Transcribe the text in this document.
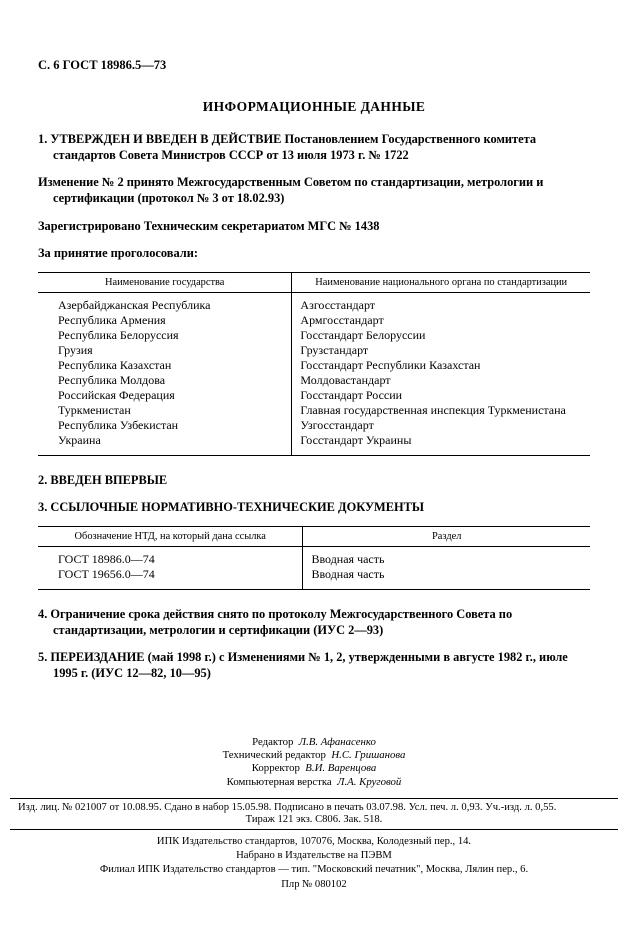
С. 6 ГОСТ 18986.5—73
ИНФОРМАЦИОННЫЕ ДАННЫЕ

1. УТВЕРЖДЕН И ВВЕДЕН В ДЕЙСТВИЕ Постановлением Государственного комитета стандартов Совета Министров СССР от 13 июля 1973 г. № 1722

Изменение № 2 принято Межгосударственным Советом по стандартизации, метрологии и сертификации (протокол № 3 от 18.02.93)

Зарегистрировано Техническим секретариатом МГС № 1438

За принятие проголосовали:

Наименование государства	Наименование национального органа по стандартизации
Азербайджанская Республика	Азгосстандарт
Республика Армения	Армгосстандарт
Республика Белоруссия	Госстандарт Белоруссии
Грузия	Грузстандарт
Республика Казахстан	Госстандарт Республики Казахстан
Республика Молдова	Молдовастандарт
Российская Федерация	Госстандарт России
Туркменистан	Главная государственная инспекция Туркменистана
Республика Узбекистан	Узгосстандарт
Украина	Госстандарт Украины

2. ВВЕДЕН ВПЕРВЫЕ

3. ССЫЛОЧНЫЕ НОРМАТИВНО-ТЕХНИЧЕСКИЕ ДОКУМЕНТЫ

Обозначение НТД, на который дана ссылка	Раздел
ГОСТ 18986.0—74	Вводная часть
ГОСТ 19656.0—74	Вводная часть

4. Ограничение срока действия снято по протоколу Межгосударственного Совета по стандартизации, метрологии и сертификации (ИУС 2—93)

5. ПЕРЕИЗДАНИЕ (май 1998 г.) с Изменениями № 1, 2, утвержденными в августе 1982 г., июле 1995 г. (ИУС 12—82, 10—95)

Редактор Л.В. Афанасенко
Технический редактор Н.С. Гришанова
Корректор В.И. Варенцова
Компьютерная верстка Л.А. Круговой
Изд. лиц. № 021007 от 10.08.95. Сдано в набор 15.05.98. Подписано в печать 03.07.98. Усл. печ. л. 0,93. Уч.-изд. л. 0,55.
Тираж 121 экз. С806. Зак. 518.
ИПК Издательство стандартов, 107076, Москва, Колодезный пер., 14.
Набрано в Издательстве на ПЭВМ
Филиал ИПК Издательство стандартов — тип. "Московский печатник", Москва, Лялин пер., 6.
Плр № 080102
